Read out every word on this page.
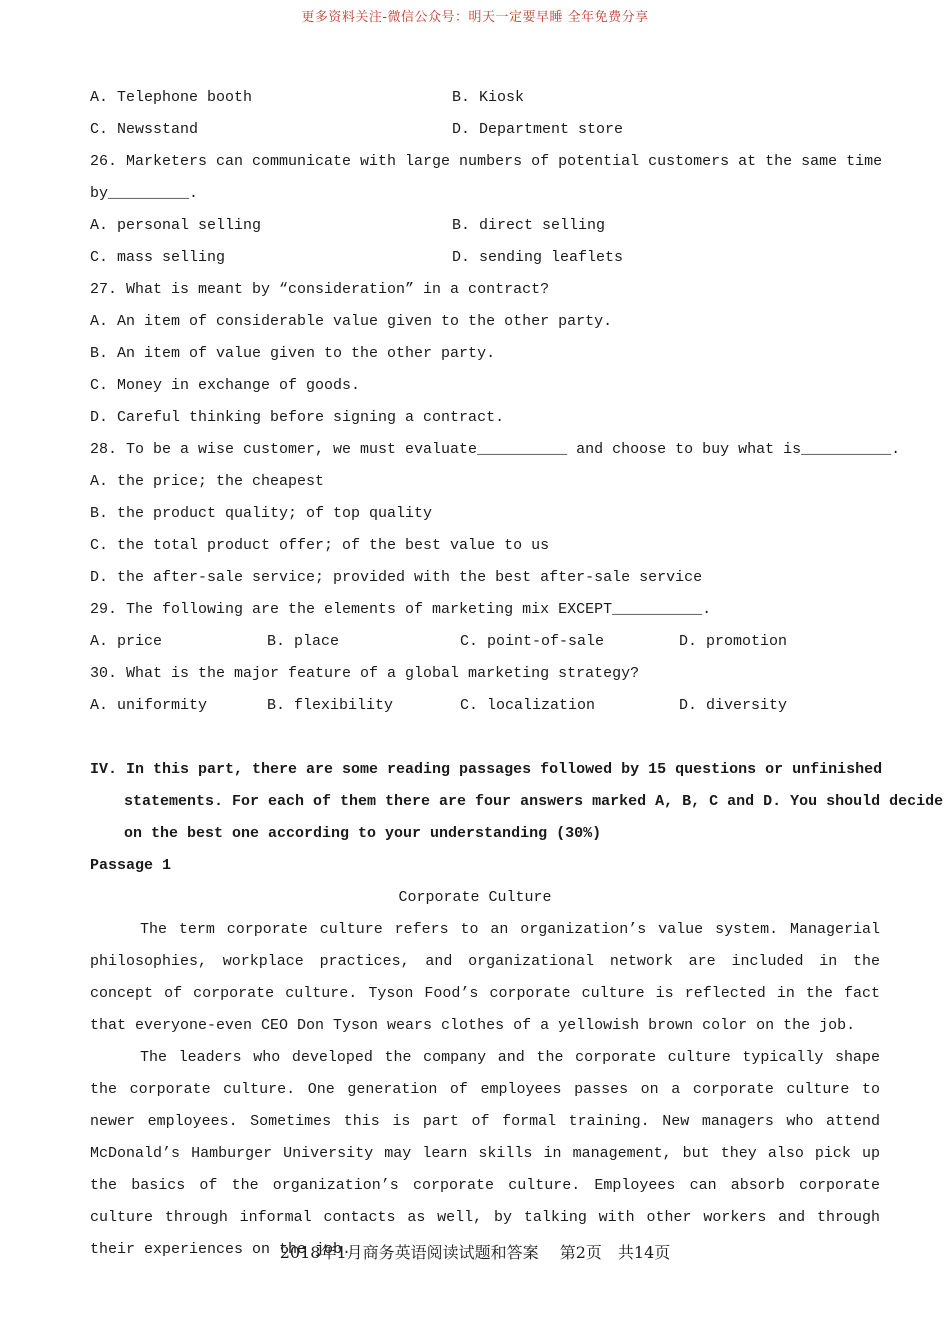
更多资料关注-微信公众号：明天一定要早睡 全年免费分享
A. Telephone booth	B. Kiosk
C. Newsstand	D. Department store
26. Marketers can communicate with large numbers of potential customers at the same time
by_________.
A. personal selling	B. direct selling
C. mass selling	D. sending leaflets
27. What is meant by “consideration” in a contract?
A. An item of considerable value given to the other party.
B. An item of value given to the other party.
C. Money in exchange of goods.
D. Careful thinking before signing a contract.
28. To be a wise customer, we must evaluate__________ and choose to buy what is__________.
A. the price; the cheapest
B. the product quality; of top quality
C. the total product offer; of the best value to us
D. the after-sale service; provided with the best after-sale service
29. The following are the elements of marketing mix EXCEPT__________.
A. price	B. place	C. point-of-sale	D. promotion
30. What is the major feature of a global marketing strategy?
A. uniformity	B. flexibility	C. localization	D. diversity
IV. In this part, there are some reading passages followed by 15 questions or unfinished
statements. For each of them there are four answers marked A, B, C and D. You should decide
on the best one according to your understanding (30%)
Passage 1
Corporate Culture
The term corporate culture refers to an organization’s value system. Managerial philosophies, workplace practices, and organizational network are included in the concept of corporate culture. Tyson Food’s corporate culture is reflected in the fact that everyone-even CEO Don Tyson wears clothes of a yellowish brown color on the job.
The leaders who developed the company and the corporate culture typically shape the corporate culture. One generation of employees passes on a corporate culture to newer employees. Sometimes this is part of formal training. New managers who attend McDonald’s Hamburger University may learn skills in management, but they also pick up the basics of the organization’s corporate culture. Employees can absorb corporate culture through informal contacts as well, by talking with other workers and through their experiences on the job.
2018年1月商务英语阅读试题和答案　 第2页　共14页
